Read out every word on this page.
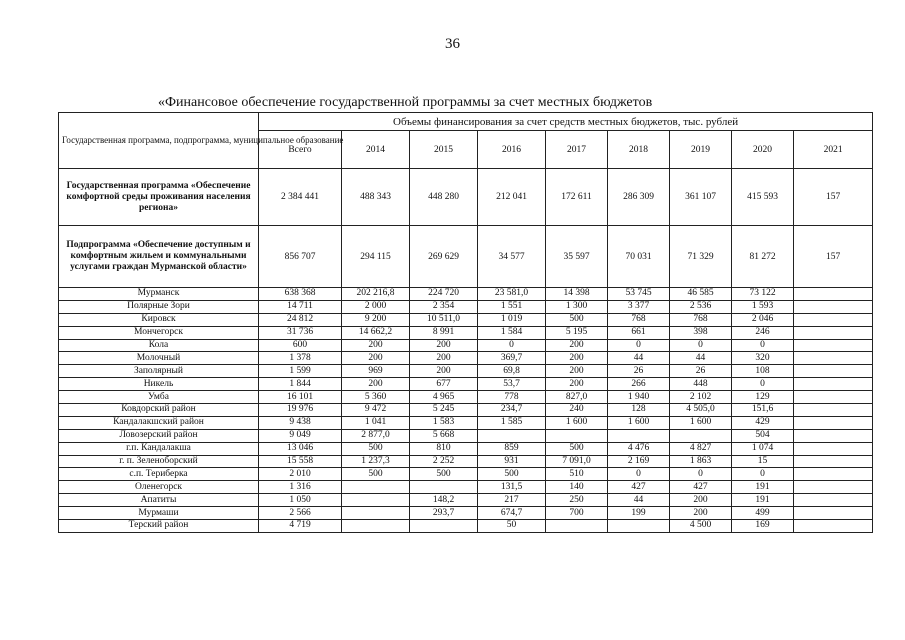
36
«Финансовое обеспечение государственной программы за счет местных бюджетов
Государственная программа, подпрограмма, муниципальное образование	Объемы финансирования за счет средств местных бюджетов, тыс. рублей								
	Всего	2014	2015	2016	2017	2018	2019	2020	2021
Государственная программа «Обеспечение комфортной среды проживания населения региона»	2 384 441	488 343	448 280	212 041	172 611	286 309	361 107	415 593	157
Подпрограмма «Обеспечение доступным и комфортным жильем и коммунальными услугами граждан Мурманской области»	856 707	294 115	269 629	34 577	35 597	70 031	71 329	81 272	157
Мурманск	638 368	202 216,8	224 720	23 581,0	14 398	53 745	46 585	73 122	
Полярные Зори	14 711	2 000	2 354	1 551	1 300	3 377	2 536	1 593	
Кировск	24 812	9 200	10 511,0	1 019	500	768	768	2 046	
Мончегорск	31 736	14 662,2	8 991	1 584	5 195	661	398	246	
Кола	600	200	200	0	200	0	0	0	
Молочный	1 378	200	200	369,7	200	44	44	320	
Заполярный	1 599	969	200	69,8	200	26	26	108	
Никель	1 844	200	677	53,7	200	266	448	0	
Умба	16 101	5 360	4 965	778	827,0	1 940	2 102	129	
Ковдорский район	19 976	9 472	5 245	234,7	240	128	4 505,0	151,6	
Кандалакшский район	9 438	1 041	1 583	1 585	1 600	1 600	1 600	429	
Ловозерский район	9 049	2 877,0	5 668					504	
г.п. Кандалакша	13 046	500	810	859	500	4 476	4 827	1 074	
г. п. Зеленоборский	15 558	1 237,3	2 252	931	7 091,0	2 169	1 863	15	
с.п. Териберка	2 010	500	500	500	510	0	0	0	
Оленегорск	1 316			131,5	140	427	427	191	
Апатиты	1 050		148,2	217	250	44	200	191	
Мурмаши	2 566		293,7	674,7	700	199	200	499	
Терский район	4 719			50			4 500	169	
